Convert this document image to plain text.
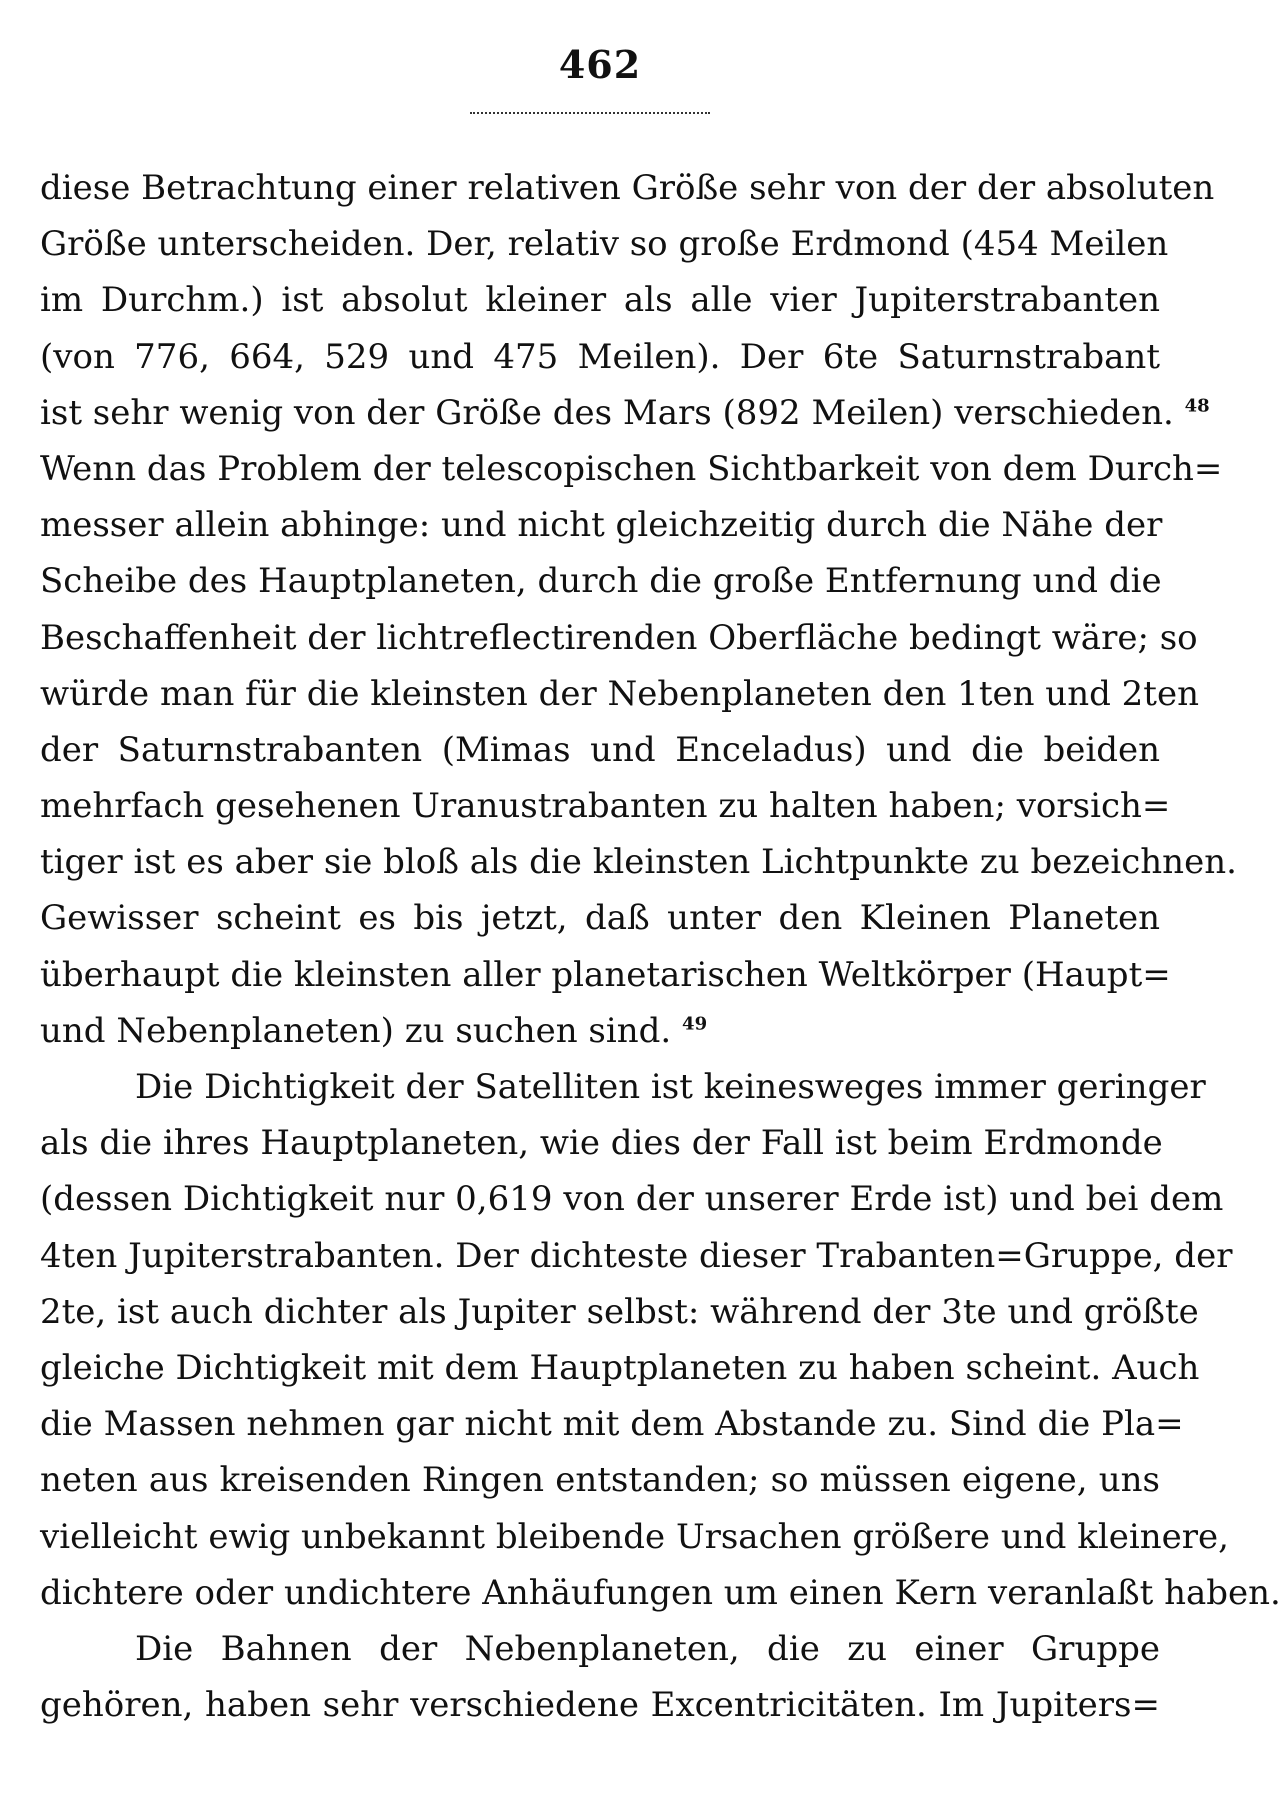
462
diese Betrachtung einer relativen Größe sehr von der der absoluten
Größe unterscheiden. Der, relativ so große Erdmond (454 Meilen
im Durchm.) ist absolut kleiner als alle vier Jupiterstrabanten
(von 776, 664, 529 und 475 Meilen). Der 6te Saturnstrabant
ist sehr wenig von der Größe des Mars (892 Meilen) verschieden. $^{48}$
Wenn das Problem der telescopischen Sichtbarkeit von dem Durch=
messer allein abhinge: und nicht gleichzeitig durch die Nähe der
Scheibe des Hauptplaneten, durch die große Entfernung und die
Beschaffenheit der lichtreflectirenden Oberfläche bedingt wäre; so
würde man für die kleinsten der Nebenplaneten den 1ten und 2ten
der Saturnstrabanten (Mimas und Enceladus) und die beiden
mehrfach gesehenen Uranustrabanten zu halten haben; vorsich=
tiger ist es aber sie bloß als die kleinsten Lichtpunkte zu bezeichnen.
Gewisser scheint es bis jetzt, daß unter den Kleinen Planeten
überhaupt die kleinsten aller planetarischen Weltkörper (Haupt=
und Nebenplaneten) zu suchen sind. $^{49}$
Die Dichtigkeit der Satelliten ist keinesweges immer geringer
als die ihres Hauptplaneten, wie dies der Fall ist beim Erdmonde
(dessen Dichtigkeit nur 0,619 von der unserer Erde ist) und bei dem
4ten Jupiterstrabanten. Der dichteste dieser Trabanten=Gruppe, der
2te, ist auch dichter als Jupiter selbst: während der 3te und größte
gleiche Dichtigkeit mit dem Hauptplaneten zu haben scheint. Auch
die Massen nehmen gar nicht mit dem Abstande zu. Sind die Pla=
neten aus kreisenden Ringen entstanden; so müssen eigene, uns
vielleicht ewig unbekannt bleibende Ursachen größere und kleinere,
dichtere oder undichtere Anhäufungen um einen Kern veranlaßt haben.
Die Bahnen der Nebenplaneten, die zu einer Gruppe
gehören, haben sehr verschiedene Excentricitäten. Im Jupiters=
